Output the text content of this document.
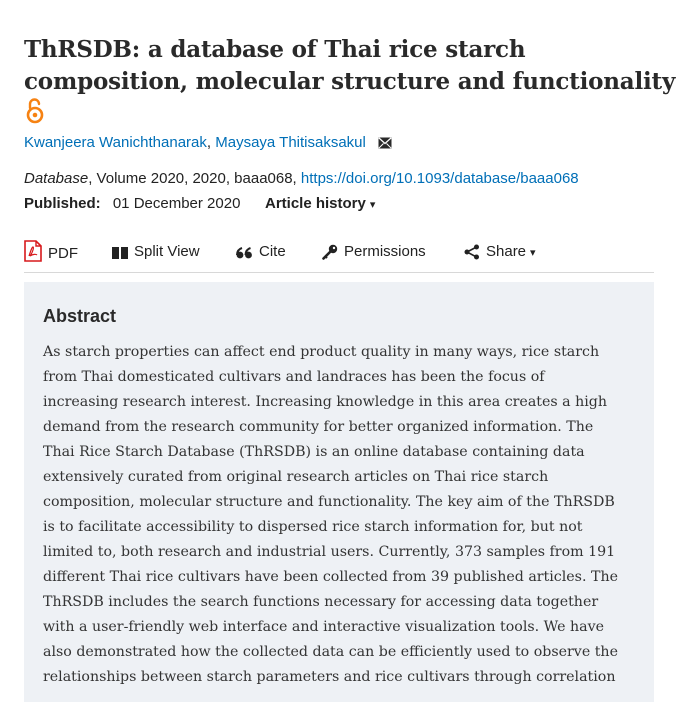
ThRSDB: a database of Thai rice starch
composition, molecular structure and functionality
Kwanjeera Wanichthanarak, Maysaya Thitisaksakul
Database, Volume 2020, 2020, baaa068, https://doi.org/10.1093/database/baaa068
Published: 01 December 2020 Article history ▾
PDF	Split View	Cite	Permissions	Share ▾
Abstract

As starch properties can affect end product quality in many ways, rice starch
from Thai domesticated cultivars and landraces has been the focus of
increasing research interest. Increasing knowledge in this area creates a high
demand from the research community for better organized information. The
Thai Rice Starch Database (ThRSDB) is an online database containing data
extensively curated from original research articles on Thai rice starch
composition, molecular structure and functionality. The key aim of the ThRSDB
is to facilitate accessibility to dispersed rice starch information for, but not
limited to, both research and industrial users. Currently, 373 samples from 191
different Thai rice cultivars have been collected from 39 published articles. The
ThRSDB includes the search functions necessary for accessing data together
with a user-friendly web interface and interactive visualization tools. We have
also demonstrated how the collected data can be efficiently used to observe the
relationships between starch parameters and rice cultivars through correlation
